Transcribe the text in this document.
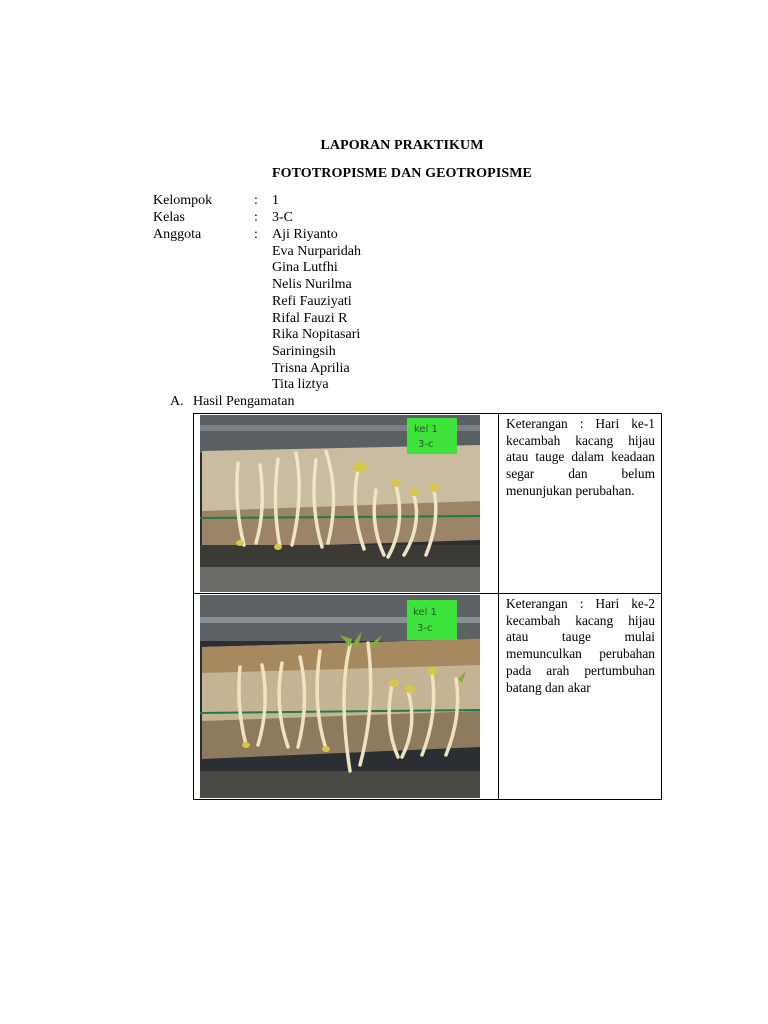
LAPORAN PRAKTIKUM
FOTOTROPISME DAN GEOTROPISME
Kelompok	: 1
Kelas	: 3-C
Anggota	: Aji Riyanto
Eva Nurparidah
Gina Lutfhi
Nelis Nurilma
Refi Fauziyati
Rifal Fauzi R
Rika Nopitasari
Sariningsih
Trisna Aprilia
Tita liztya
A. Hasil Pengamatan
kel 1
3-c	Keterangan : Hari ke-1 kecambah kacang hijau atau tauge dalam keadaan segar dan belum menunjukan perubahan.

kel 1
3-c	Keterangan : Hari ke-2 kecambah kacang hijau atau tauge mulai memunculkan perubahan pada arah pertumbuhan batang dan akar
